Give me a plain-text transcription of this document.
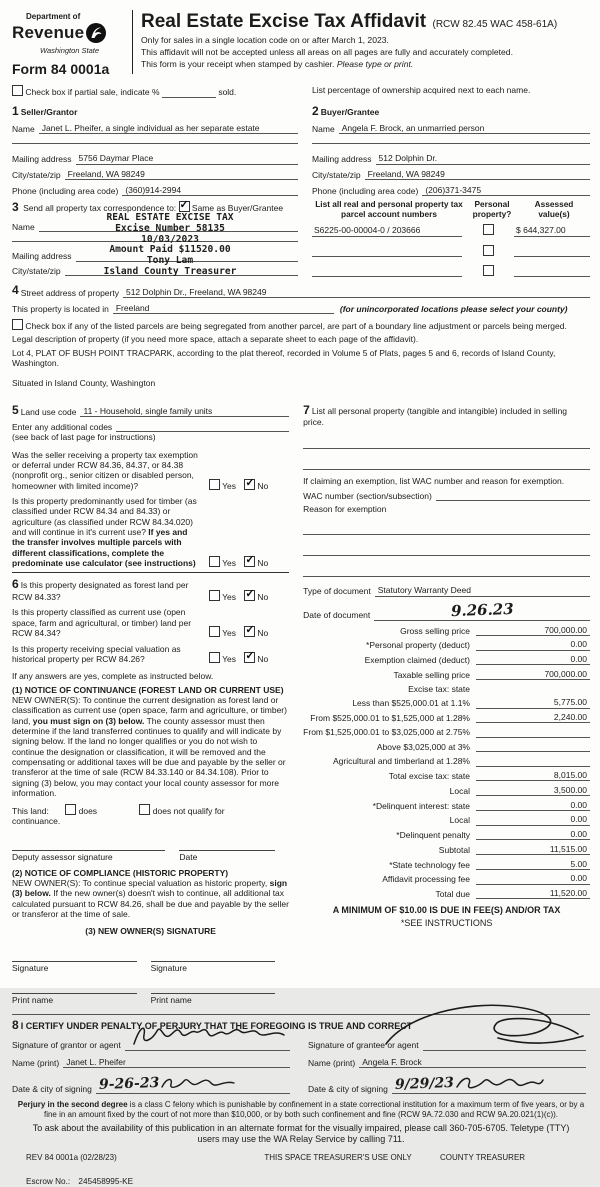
Department of
Revenue
Washington State
Form 84 0001a
Real Estate Excise Tax Affidavit (RCW 82.45 WAC 458-61A)
Only for sales in a single location code on or after March 1, 2023.
This affidavit will not be accepted unless all areas on all pages are fully and accurately completed.
This form is your receipt when stamped by cashier. Please type or print.
Check box if partial sale, indicate %	sold.	List percentage of ownership acquired next to each name.
1 Seller/Grantor
Name Janet L. Pheifer, a single individual as her separate estate
Mailing address 5756 Daymar Place
City/state/zip Freeland, WA 98249
Phone (including area code) (360)914-2994
2 Buyer/Grantee
Name Angela F. Brock, an unmarried person
Mailing address 512 Dolphin Dr.
City/state/zip Freeland, WA 98249
Phone (including area code) (206)371-3475
3 Send all property tax correspondence to: ✓ Same as Buyer/Grantee
Name
Mailing address
City/state/zip
REAL ESTATE EXCISE TAX
Excise Number 58135
10/03/2023
Amount Paid $11520.00
Tony Lam
Island County Treasurer
List all real and personal property tax parcel account numbers
Personal property?
Assessed value(s)
S6225-00-00004-0 / 203666	$ 644,327.00
4 Street address of property 512 Dolphin Dr., Freeland, WA 98249
This property is located in Freeland	(for unincorporated locations please select your county)
Check box if any of the listed parcels are being segregated from another parcel, are part of a boundary line adjustment or parcels being merged.
Legal description of property (if you need more space, attach a separate sheet to each page of the affidavit).
Lot 4, PLAT OF BUSH POINT TRACPARK, according to the plat thereof, recorded in Volume 5 of Plats, pages 5 and 6, records of Island County, Washington.
Situated in Island County, Washington
5 Land use code 11 - Household, single family units
Enter any additional codes
(see back of last page for instructions)
Was the seller receiving a property tax exemption or deferral under RCW 84.36, 84.37, or 84.38 (nonprofit org., senior citizen or disabled person, homeowner with limited income)?	Yes ✓	No
Is this property predominantly used for timber (as classified under RCW 84.34 and 84.33) or agriculture (as classified under RCW 84.34.020) and will continue in it's current use? If yes and the transfer involves multiple parcels with different classifications, complete the predominate use calculator (see instructions)	Yes ✓	No
6 Is this property designated as forest land per RCW 84.33?	Yes ✓	No
Is this property classified as current use (open space, farm and agricultural, or timber) land per RCW 84.34?	Yes ✓	No
Is this property receiving special valuation as historical property per RCW 84.26?	Yes ✓	No
If any answers are yes, complete as instructed below.
(1) NOTICE OF CONTINUANCE (FOREST LAND OR CURRENT USE)
NEW OWNER(S): To continue the current designation as forest land or classification as current use (open space, farm and agriculture, or timber) land, you must sign on (3) below. The county assessor must then determine if the land transferred continues to qualify and will indicate by signing below. If the land no longer qualifies or you do not wish to continue the designation or classification, it will be removed and the compensating or additional taxes will be due and payable by the seller or transferor at the time of sale (RCW 84.33.140 or 84.34.108). Prior to signing (3) below, you may contact your local county assessor for more information.
This land:	does	does not qualify for
continuance.
Deputy assessor signature	Date
(2) NOTICE OF COMPLIANCE (HISTORIC PROPERTY)
NEW OWNER(S): To continue special valuation as historic property, sign (3) below. If the new owner(s) doesn't wish to continue, all additional tax calculated pursuant to RCW 84.26, shall be due and payable by the seller or transferor at the time of sale.
(3) NEW OWNER(S) SIGNATURE
Signature	Signature
Print name	Print name
7 List all personal property (tangible and intangible) included in selling price.
If claiming an exemption, list WAC number and reason for exemption.
WAC number (section/subsection)
Reason for exemption
Type of document Statutory Warranty Deed
Date of document	9.26.23
Gross selling price	700,000.00
*Personal property (deduct)	0.00
Exemption claimed (deduct)	0.00
Taxable selling price	700,000.00
Excise tax: state
Less than $525,000.01 at 1.1%	5,775.00
From $525,000.01 to $1,525,000 at 1.28%	2,240.00
From $1,525,000.01 to $3,025,000 at 2.75%
Above $3,025,000 at 3%
Agricultural and timberland at 1.28%
Total excise tax: state	8,015.00
Local	3,500.00
*Delinquent interest: state	0.00
Local	0.00
*Delinquent penalty	0.00
Subtotal	11,515.00
*State technology fee	5.00
Affidavit processing fee	0.00
Total due	11,520.00
A MINIMUM OF $10.00 IS DUE IN FEE(S) AND/OR TAX
*SEE INSTRUCTIONS
8 I CERTIFY UNDER PENALTY OF PERJURY THAT THE FOREGOING IS TRUE AND CORRECT
Signature of grantor or agent
Name (print) Janet L. Pheifer
Date & city of signing 9-26-23
Signature of grantee or agent
Name (print) Angela F. Brock
Date & city of signing 9/29/23
Perjury in the second degree is a class C felony which is punishable by confinement in a state correctional institution for a maximum term of five years, or by a fine in an amount fixed by the court of not more than $10,000, or by both such confinement and fine (RCW 9A.72.030 and RCW 9A.20.021(1)(c)).
To ask about the availability of this publication in an alternate format for the visually impaired, please call 360-705-6705. Teletype (TTY) users may use the WA Relay Service by calling 711.
REV 84 0001a (02/28/23)	THIS SPACE TREASURER'S USE ONLY	COUNTY TREASURER
Escrow No.: 245458995-KE
